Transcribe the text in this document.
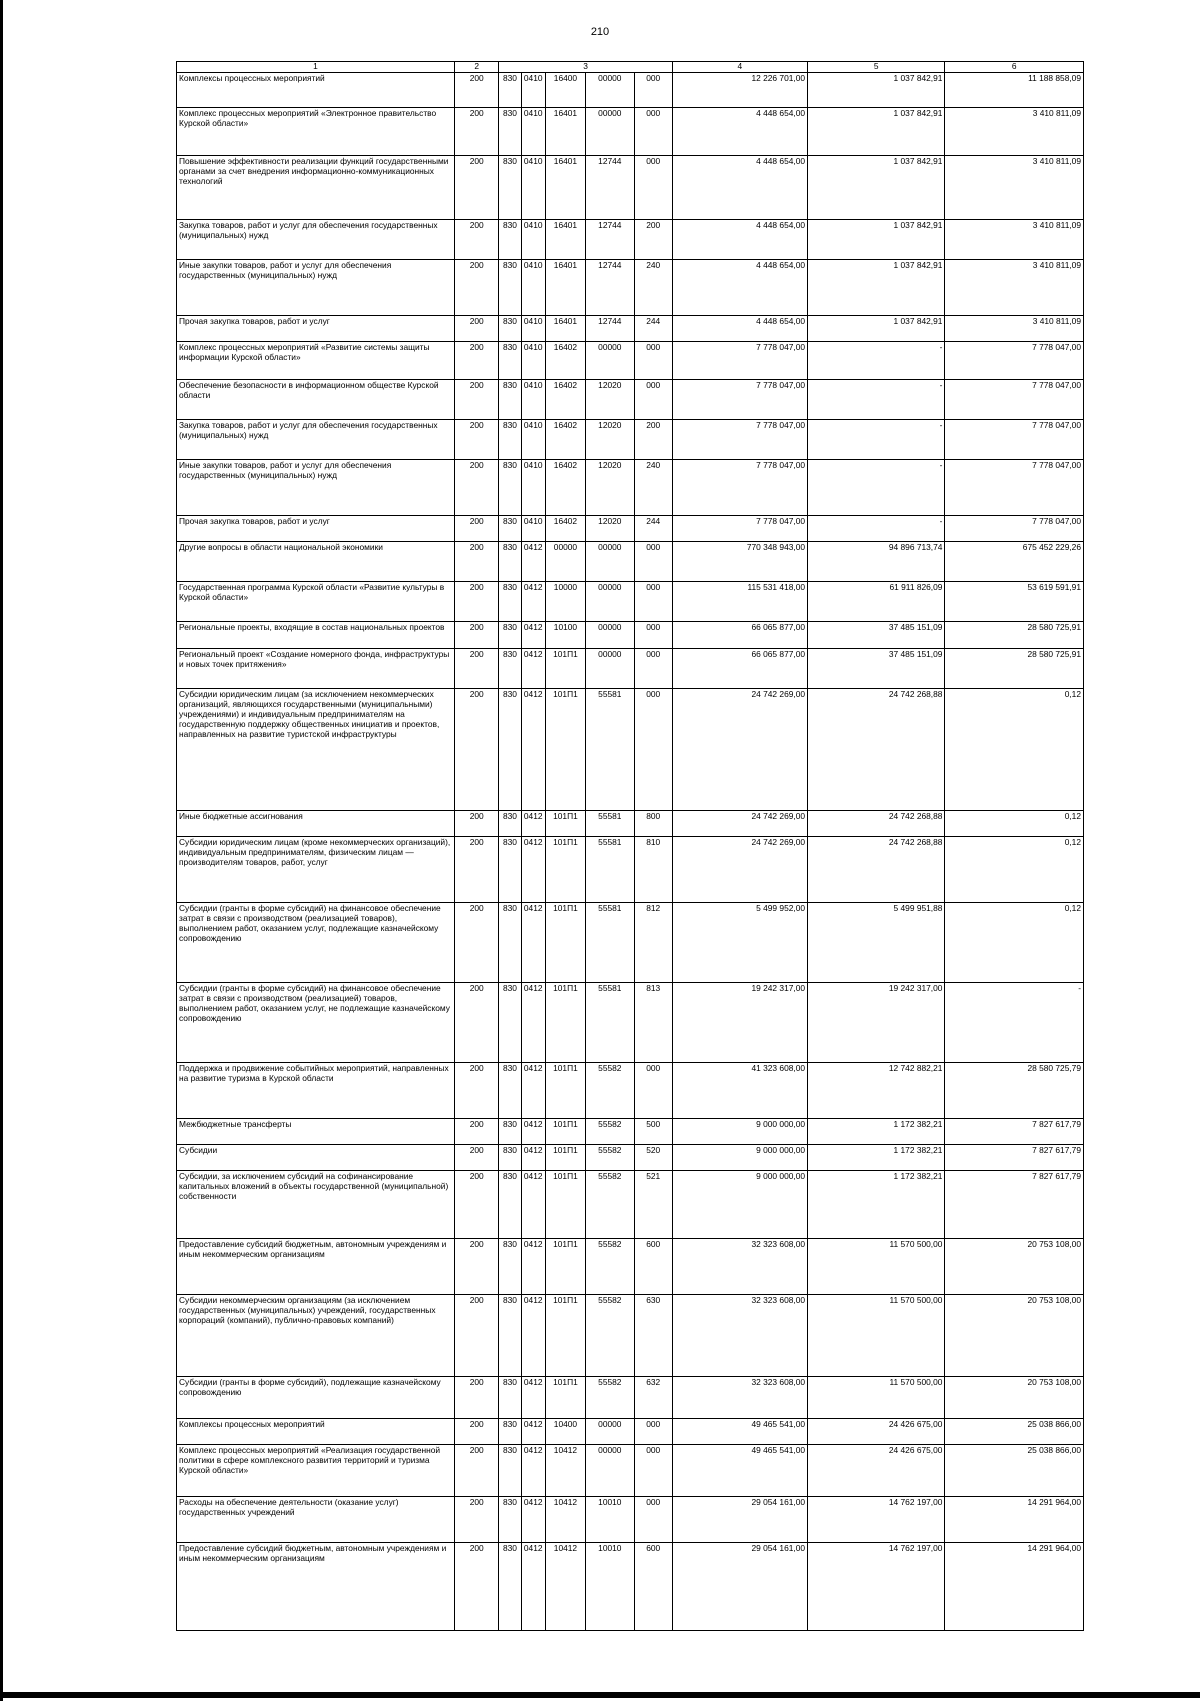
210
1	2	3					4	5	6
Комплексы процессных мероприятий	200	830	0410	16400	00000	000	12 226 701,00	1 037 842,91	11 188 858,09
Комплекс процессных мероприятий «Электронное правительство Курской области»	200	830	0410	16401	00000	000	4 448 654,00	1 037 842,91	3 410 811,09
Повышение эффективности реализации функций государственными органами за счет внедрения информационно-коммуникационных технологий	200	830	0410	16401	12744	000	4 448 654,00	1 037 842,91	3 410 811,09
Закупка товаров, работ и услуг для обеспечения государственных (муниципальных) нужд	200	830	0410	16401	12744	200	4 448 654,00	1 037 842,91	3 410 811,09
Иные закупки товаров, работ и услуг для обеспечения государственных (муниципальных) нужд	200	830	0410	16401	12744	240	4 448 654,00	1 037 842,91	3 410 811,09
Прочая закупка товаров, работ и услуг	200	830	0410	16401	12744	244	4 448 654,00	1 037 842,91	3 410 811,09
Комплекс процессных мероприятий «Развитие системы защиты информации Курской области»	200	830	0410	16402	00000	000	7 778 047,00	-	7 778 047,00
Обеспечение безопасности в информационном обществе Курской области	200	830	0410	16402	12020	000	7 778 047,00	-	7 778 047,00
Закупка товаров, работ и услуг для обеспечения государственных (муниципальных) нужд	200	830	0410	16402	12020	200	7 778 047,00	-	7 778 047,00
Иные закупки товаров, работ и услуг для обеспечения государственных (муниципальных) нужд	200	830	0410	16402	12020	240	7 778 047,00	-	7 778 047,00
Прочая закупка товаров, работ и услуг	200	830	0410	16402	12020	244	7 778 047,00	-	7 778 047,00
Другие вопросы в области национальной экономики	200	830	0412	00000	00000	000	770 348 943,00	94 896 713,74	675 452 229,26
Государственная программа Курской области «Развитие культуры в Курской области»	200	830	0412	10000	00000	000	115 531 418,00	61 911 826,09	53 619 591,91
Региональные проекты, входящие в состав национальных проектов	200	830	0412	10100	00000	000	66 065 877,00	37 485 151,09	28 580 725,91
Региональный проект «Создание номерного фонда, инфраструктуры и новых точек притяжения»	200	830	0412	101П1	00000	000	66 065 877,00	37 485 151,09	28 580 725,91
Субсидии юридическим лицам (за исключением некоммерческих организаций, являющихся государственными (муниципальными) учреждениями) и индивидуальным предпринимателям на государственную поддержку общественных инициатив и проектов, направленных на развитие туристской инфраструктуры	200	830	0412	101П1	55581	000	24 742 269,00	24 742 268,88	0,12
Иные бюджетные ассигнования	200	830	0412	101П1	55581	800	24 742 269,00	24 742 268,88	0,12
Субсидии юридическим лицам (кроме некоммерческих организаций), индивидуальным предпринимателям, физическим лицам — производителям товаров, работ, услуг	200	830	0412	101П1	55581	810	24 742 269,00	24 742 268,88	0,12
Субсидии (гранты в форме субсидий) на финансовое обеспечение затрат в связи с производством (реализацией товаров), выполнением работ, оказанием услуг, подлежащие казначейскому сопровождению	200	830	0412	101П1	55581	812	5 499 952,00	5 499 951,88	0,12
Субсидии (гранты в форме субсидий) на финансовое обеспечение затрат в связи с производством (реализацией) товаров, выполнением работ, оказанием услуг, не подлежащие казначейскому сопровождению	200	830	0412	101П1	55581	813	19 242 317,00	19 242 317,00	-
Поддержка и продвижение событийных мероприятий, направленных на развитие туризма в Курской области	200	830	0412	101П1	55582	000	41 323 608,00	12 742 882,21	28 580 725,79
Межбюджетные трансферты	200	830	0412	101П1	55582	500	9 000 000,00	1 172 382,21	7 827 617,79
Субсидии	200	830	0412	101П1	55582	520	9 000 000,00	1 172 382,21	7 827 617,79
Субсидии, за исключением субсидий на софинансирование капитальных вложений в объекты государственной (муниципальной) собственности	200	830	0412	101П1	55582	521	9 000 000,00	1 172 382,21	7 827 617,79
Предоставление субсидий бюджетным, автономным учреждениям и иным некоммерческим организациям	200	830	0412	101П1	55582	600	32 323 608,00	11 570 500,00	20 753 108,00
Субсидии некоммерческим организациям (за исключением государственных (муниципальных) учреждений, государственных корпораций (компаний), публично-правовых компаний)	200	830	0412	101П1	55582	630	32 323 608,00	11 570 500,00	20 753 108,00
Субсидии (гранты в форме субсидий), подлежащие казначейскому сопровождению	200	830	0412	101П1	55582	632	32 323 608,00	11 570 500,00	20 753 108,00
Комплексы процессных мероприятий	200	830	0412	10400	00000	000	49 465 541,00	24 426 675,00	25 038 866,00
Комплекс процессных мероприятий «Реализация государственной политики в сфере комплексного развития территорий и туризма Курской области»	200	830	0412	10412	00000	000	49 465 541,00	24 426 675,00	25 038 866,00
Расходы на обеспечение деятельности (оказание услуг) государственных учреждений	200	830	0412	10412	10010	000	29 054 161,00	14 762 197,00	14 291 964,00
Предоставление субсидий бюджетным, автономным учреждениям и иным некоммерческим организациям	200	830	0412	10412	10010	600	29 054 161,00	14 762 197,00	14 291 964,00
